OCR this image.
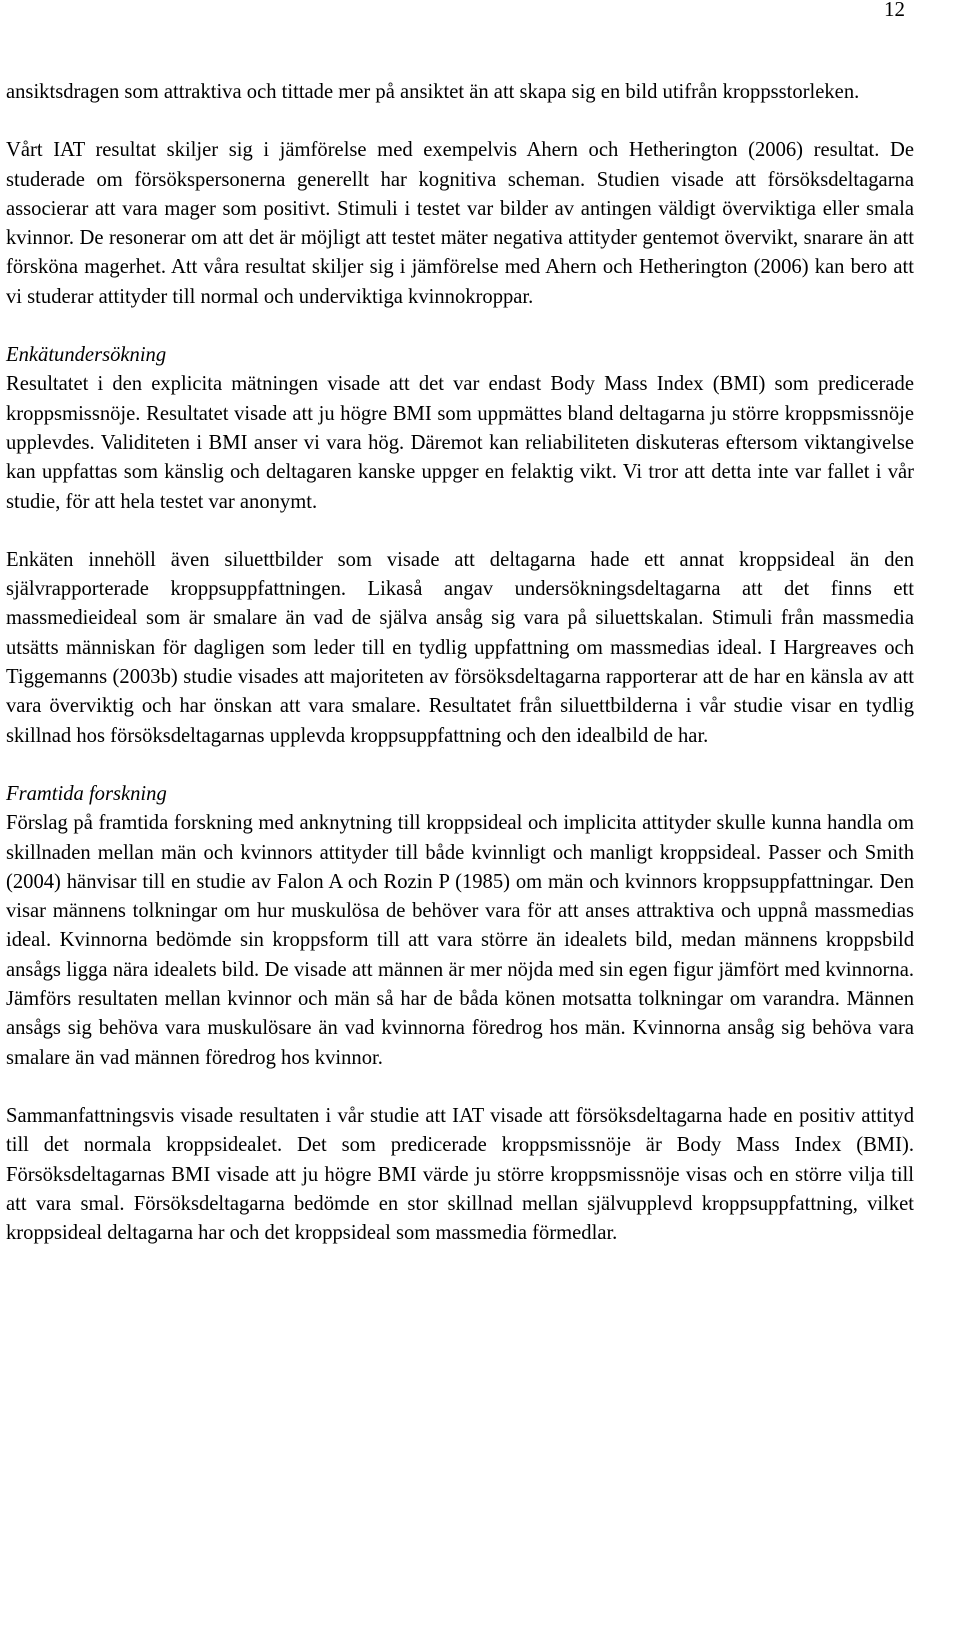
12

ansiktsdragen som attraktiva och tittade mer på ansiktet än att skapa sig en bild utifrån kroppsstorleken.

Vårt IAT resultat skiljer sig i jämförelse med exempelvis Ahern och Hetherington (2006) resultat. De studerade om försökspersonerna generellt har kognitiva scheman. Studien visade att försöksdeltagarna associerar att vara mager som positivt. Stimuli i testet var bilder av antingen väldigt överviktiga eller smala kvinnor. De resonerar om att det är möjligt att testet mäter negativa attityder gentemot övervikt, snarare än att försköna magerhet. Att våra resultat skiljer sig i jämförelse med Ahern och Hetherington (2006) kan bero att vi studerar attityder till normal och underviktiga kvinnokroppar.

Enkätundersökning

Resultatet i den explicita mätningen visade att det var endast Body Mass Index (BMI) som predicerade kroppsmissnöje. Resultatet visade att ju högre BMI som uppmättes bland deltagarna ju större kroppsmissnöje upplevdes. Validiteten i BMI anser vi vara hög. Däremot kan reliabiliteten diskuteras eftersom viktangivelse kan uppfattas som känslig och deltagaren kanske uppger en felaktig vikt. Vi tror att detta inte var fallet i vår studie, för att hela testet var anonymt.

Enkäten innehöll även siluettbilder som visade att deltagarna hade ett annat kroppsideal än den självrapporterade kroppsuppfattningen. Likaså angav undersökningsdeltagarna att det finns ett massmedieideal som är smalare än vad de själva ansåg sig vara på siluettskalan. Stimuli från massmedia utsätts människan för dagligen som leder till en tydlig uppfattning om massmedias ideal. I Hargreaves och Tiggemanns (2003b) studie visades att majoriteten av försöksdeltagarna rapporterar att de har en känsla av att vara överviktig och har önskan att vara smalare. Resultatet från siluettbilderna i vår studie visar en tydlig skillnad hos försöksdeltagarnas upplevda kroppsuppfattning och den idealbild de har.

Framtida forskning

Förslag på framtida forskning med anknytning till kroppsideal och implicita attityder skulle kunna handla om skillnaden mellan män och kvinnors attityder till både kvinnligt och manligt kroppsideal. Passer och Smith (2004) hänvisar till en studie av Falon A och Rozin P (1985) om män och kvinnors kroppsuppfattningar. Den visar männens tolkningar om hur muskulösa de behöver vara för att anses attraktiva och uppnå massmedias ideal. Kvinnorna bedömde sin kroppsform till att vara större än idealets bild, medan männens kroppsbild ansågs ligga nära idealets bild. De visade att männen är mer nöjda med sin egen figur jämfört med kvinnorna. Jämförs resultaten mellan kvinnor och män så har de båda könen motsatta tolkningar om varandra. Männen ansågs sig behöva vara muskulösare än vad kvinnorna föredrog hos män. Kvinnorna ansåg sig behöva vara smalare än vad männen föredrog hos kvinnor.

Sammanfattningsvis visade resultaten i vår studie att IAT visade att försöksdeltagarna hade en positiv attityd till det normala kroppsidealet. Det som predicerade kroppsmissnöje är Body Mass Index (BMI). Försöksdeltagarnas BMI visade att ju högre BMI värde ju större kroppsmissnöje visas och en större vilja till att vara smal. Försöksdeltagarna bedömde en stor skillnad mellan självupplevd kroppsuppfattning, vilket kroppsideal deltagarna har och det kroppsideal som massmedia förmedlar.
